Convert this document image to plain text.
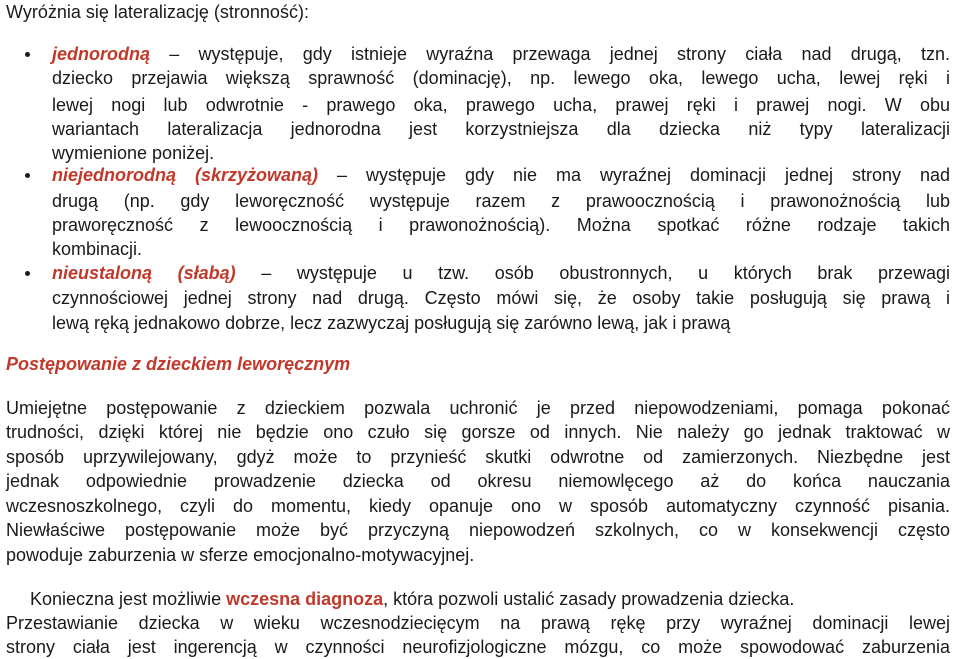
Wyróżnia się lateralizację (stronność):
jednorodną – występuje, gdy istnieje wyraźna przewaga jednej strony ciała nad drugą, tzn.
dziecko przejawia większą sprawność (dominację), np. lewego oka, lewego ucha, lewej ręki i
lewej nogi lub odwrotnie - prawego oka, prawego ucha, prawej ręki i prawej nogi. W obu
wariantach lateralizacja jednorodna jest korzystniejsza dla dziecka niż typy lateralizacji
wymienione poniżej.
niejednorodną (skrzyżowaną) – występuje gdy nie ma wyraźnej dominacji jednej strony nad
drugą (np. gdy leworęczność występuje razem z prawoocznością i prawonożnością lub
praworęczność z lewoocznością i prawonożnością). Można spotkać różne rodzaje takich
kombinacji.
nieustaloną (słabą) – występuje u tzw. osób obustronnych, u których brak przewagi
czynnościowej jednej strony nad drugą. Często mówi się, że osoby takie posługują się prawą i
lewą ręką jednakowo dobrze, lecz zazwyczaj posługują się zarówno lewą, jak i prawą
Postępowanie z dzieckiem leworęcznym
Umiejętne postępowanie z dzieckiem pozwala uchronić je przed niepowodzeniami, pomaga pokonać
trudności, dzięki której nie będzie ono czuło się gorsze od innych. Nie należy go jednak traktować w
sposób uprzywilejowany, gdyż może to przynieść skutki odwrotne od zamierzonych. Niezbędne jest
jednak odpowiednie prowadzenie dziecka od okresu niemowlęcego aż do końca nauczania
wczesnoszkolnego, czyli do momentu, kiedy opanuje ono w sposób automatyczny czynność pisania.
Niewłaściwe postępowanie może być przyczyną niepowodzeń szkolnych, co w konsekwencji często
powoduje zaburzenia w sferze emocjonalno-motywacyjnej.
Konieczna jest możliwie wczesna diagnoza, która pozwoli ustalić zasady prowadzenia dziecka.
Przestawianie dziecka w wieku wczesnodziecięcym na prawą rękę przy wyraźnej dominacji lewej
strony ciała jest ingerencją w czynności neurofizjologiczne mózgu, co może spowodować zaburzenia
